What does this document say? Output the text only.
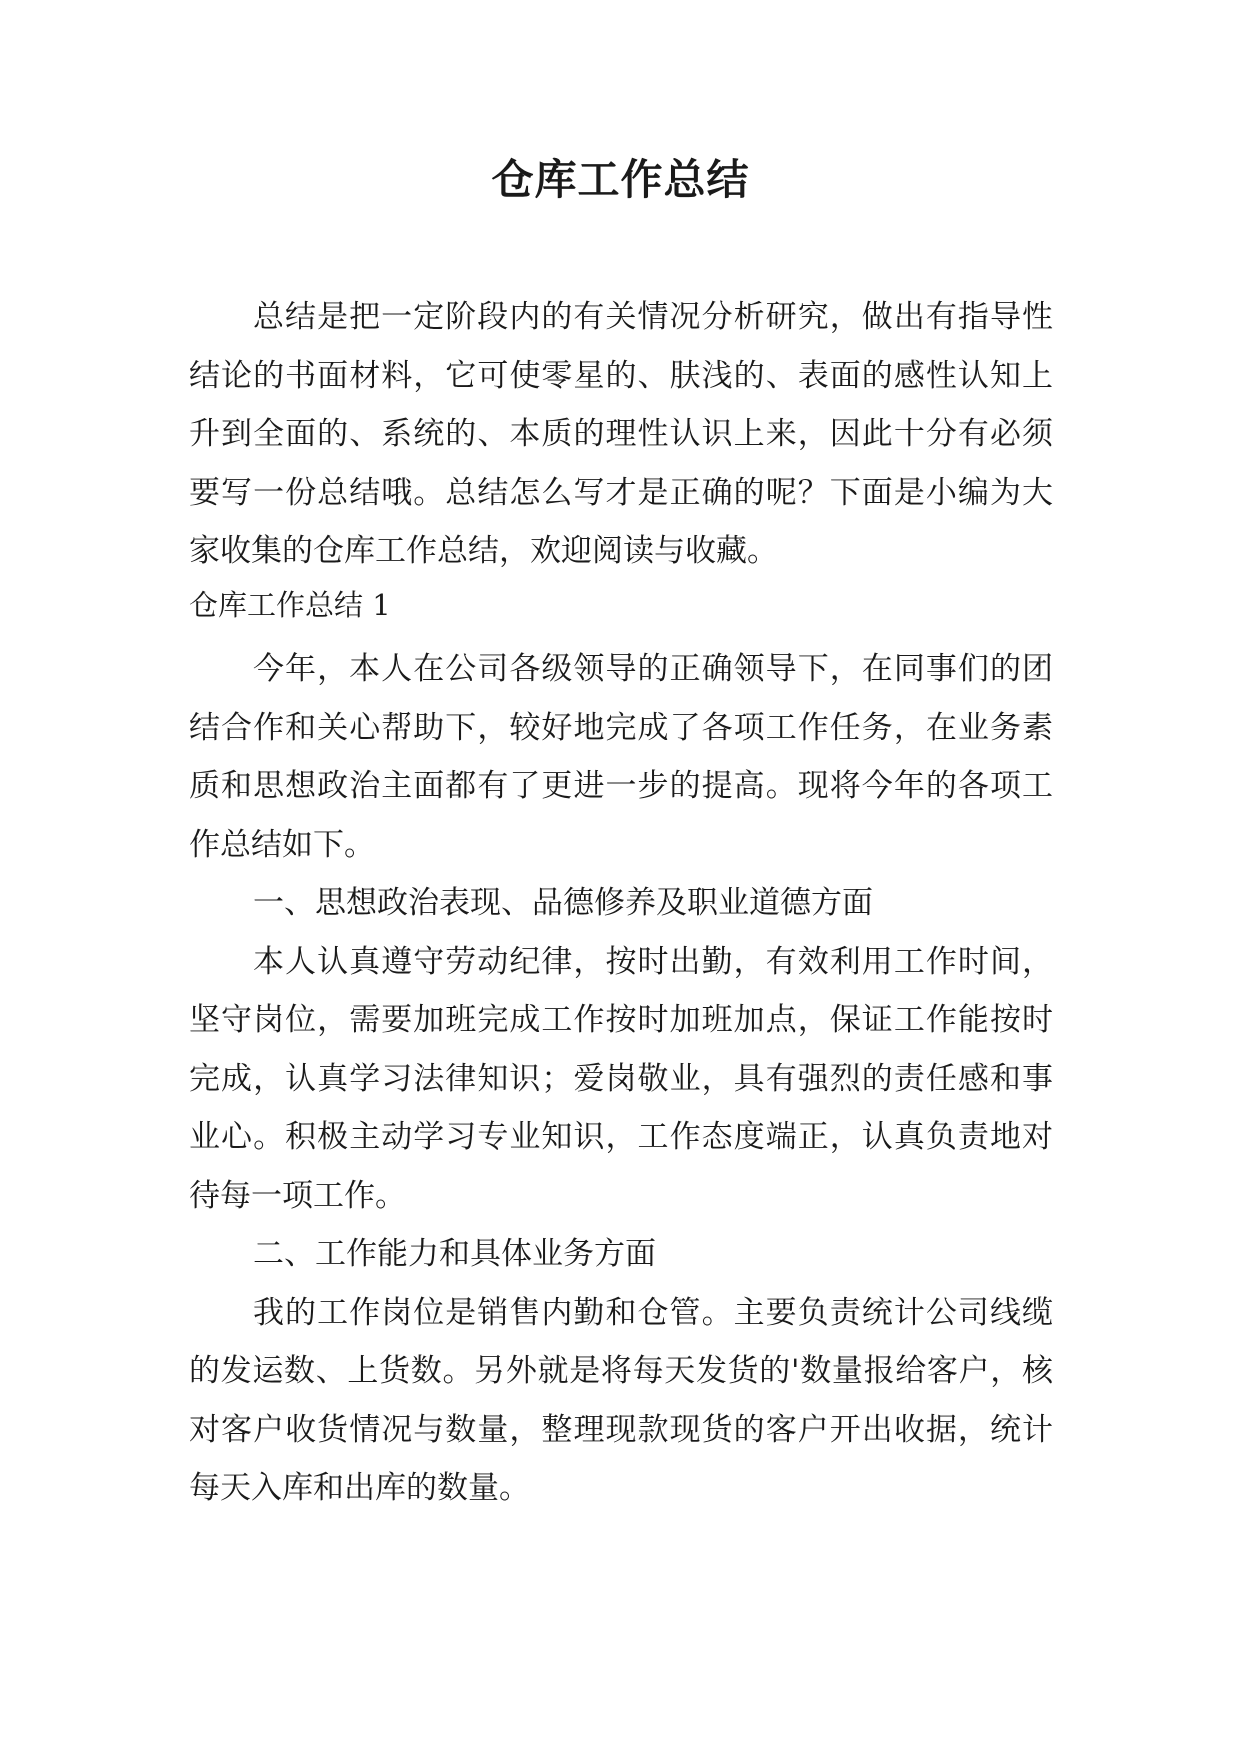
仓库工作总结

总结是把一定阶段内的有关情况分析研究，做出有指导性结论的书面材料，它可使零星的、肤浅的、表面的感性认知上升到全面的、系统的、本质的理性认识上来，因此十分有必须要写一份总结哦。总结怎么写才是正确的呢？下面是小编为大家收集的仓库工作总结，欢迎阅读与收藏。

仓库工作总结 1

今年，本人在公司各级领导的正确领导下，在同事们的团结合作和关心帮助下，较好地完成了各项工作任务，在业务素质和思想政治主面都有了更进一步的提高。现将今年的各项工作总结如下。

一、思想政治表现、品德修养及职业道德方面

本人认真遵守劳动纪律，按时出勤，有效利用工作时间，坚守岗位，需要加班完成工作按时加班加点，保证工作能按时完成，认真学习法律知识；爱岗敬业，具有强烈的责任感和事业心。积极主动学习专业知识，工作态度端正，认真负责地对待每一项工作。

二、工作能力和具体业务方面

我的工作岗位是销售内勤和仓管。主要负责统计公司线缆的发运数、上货数。另外就是将每天发货的'数量报给客户，核对客户收货情况与数量，整理现款现货的客户开出收据，统计每天入库和出库的数量。
